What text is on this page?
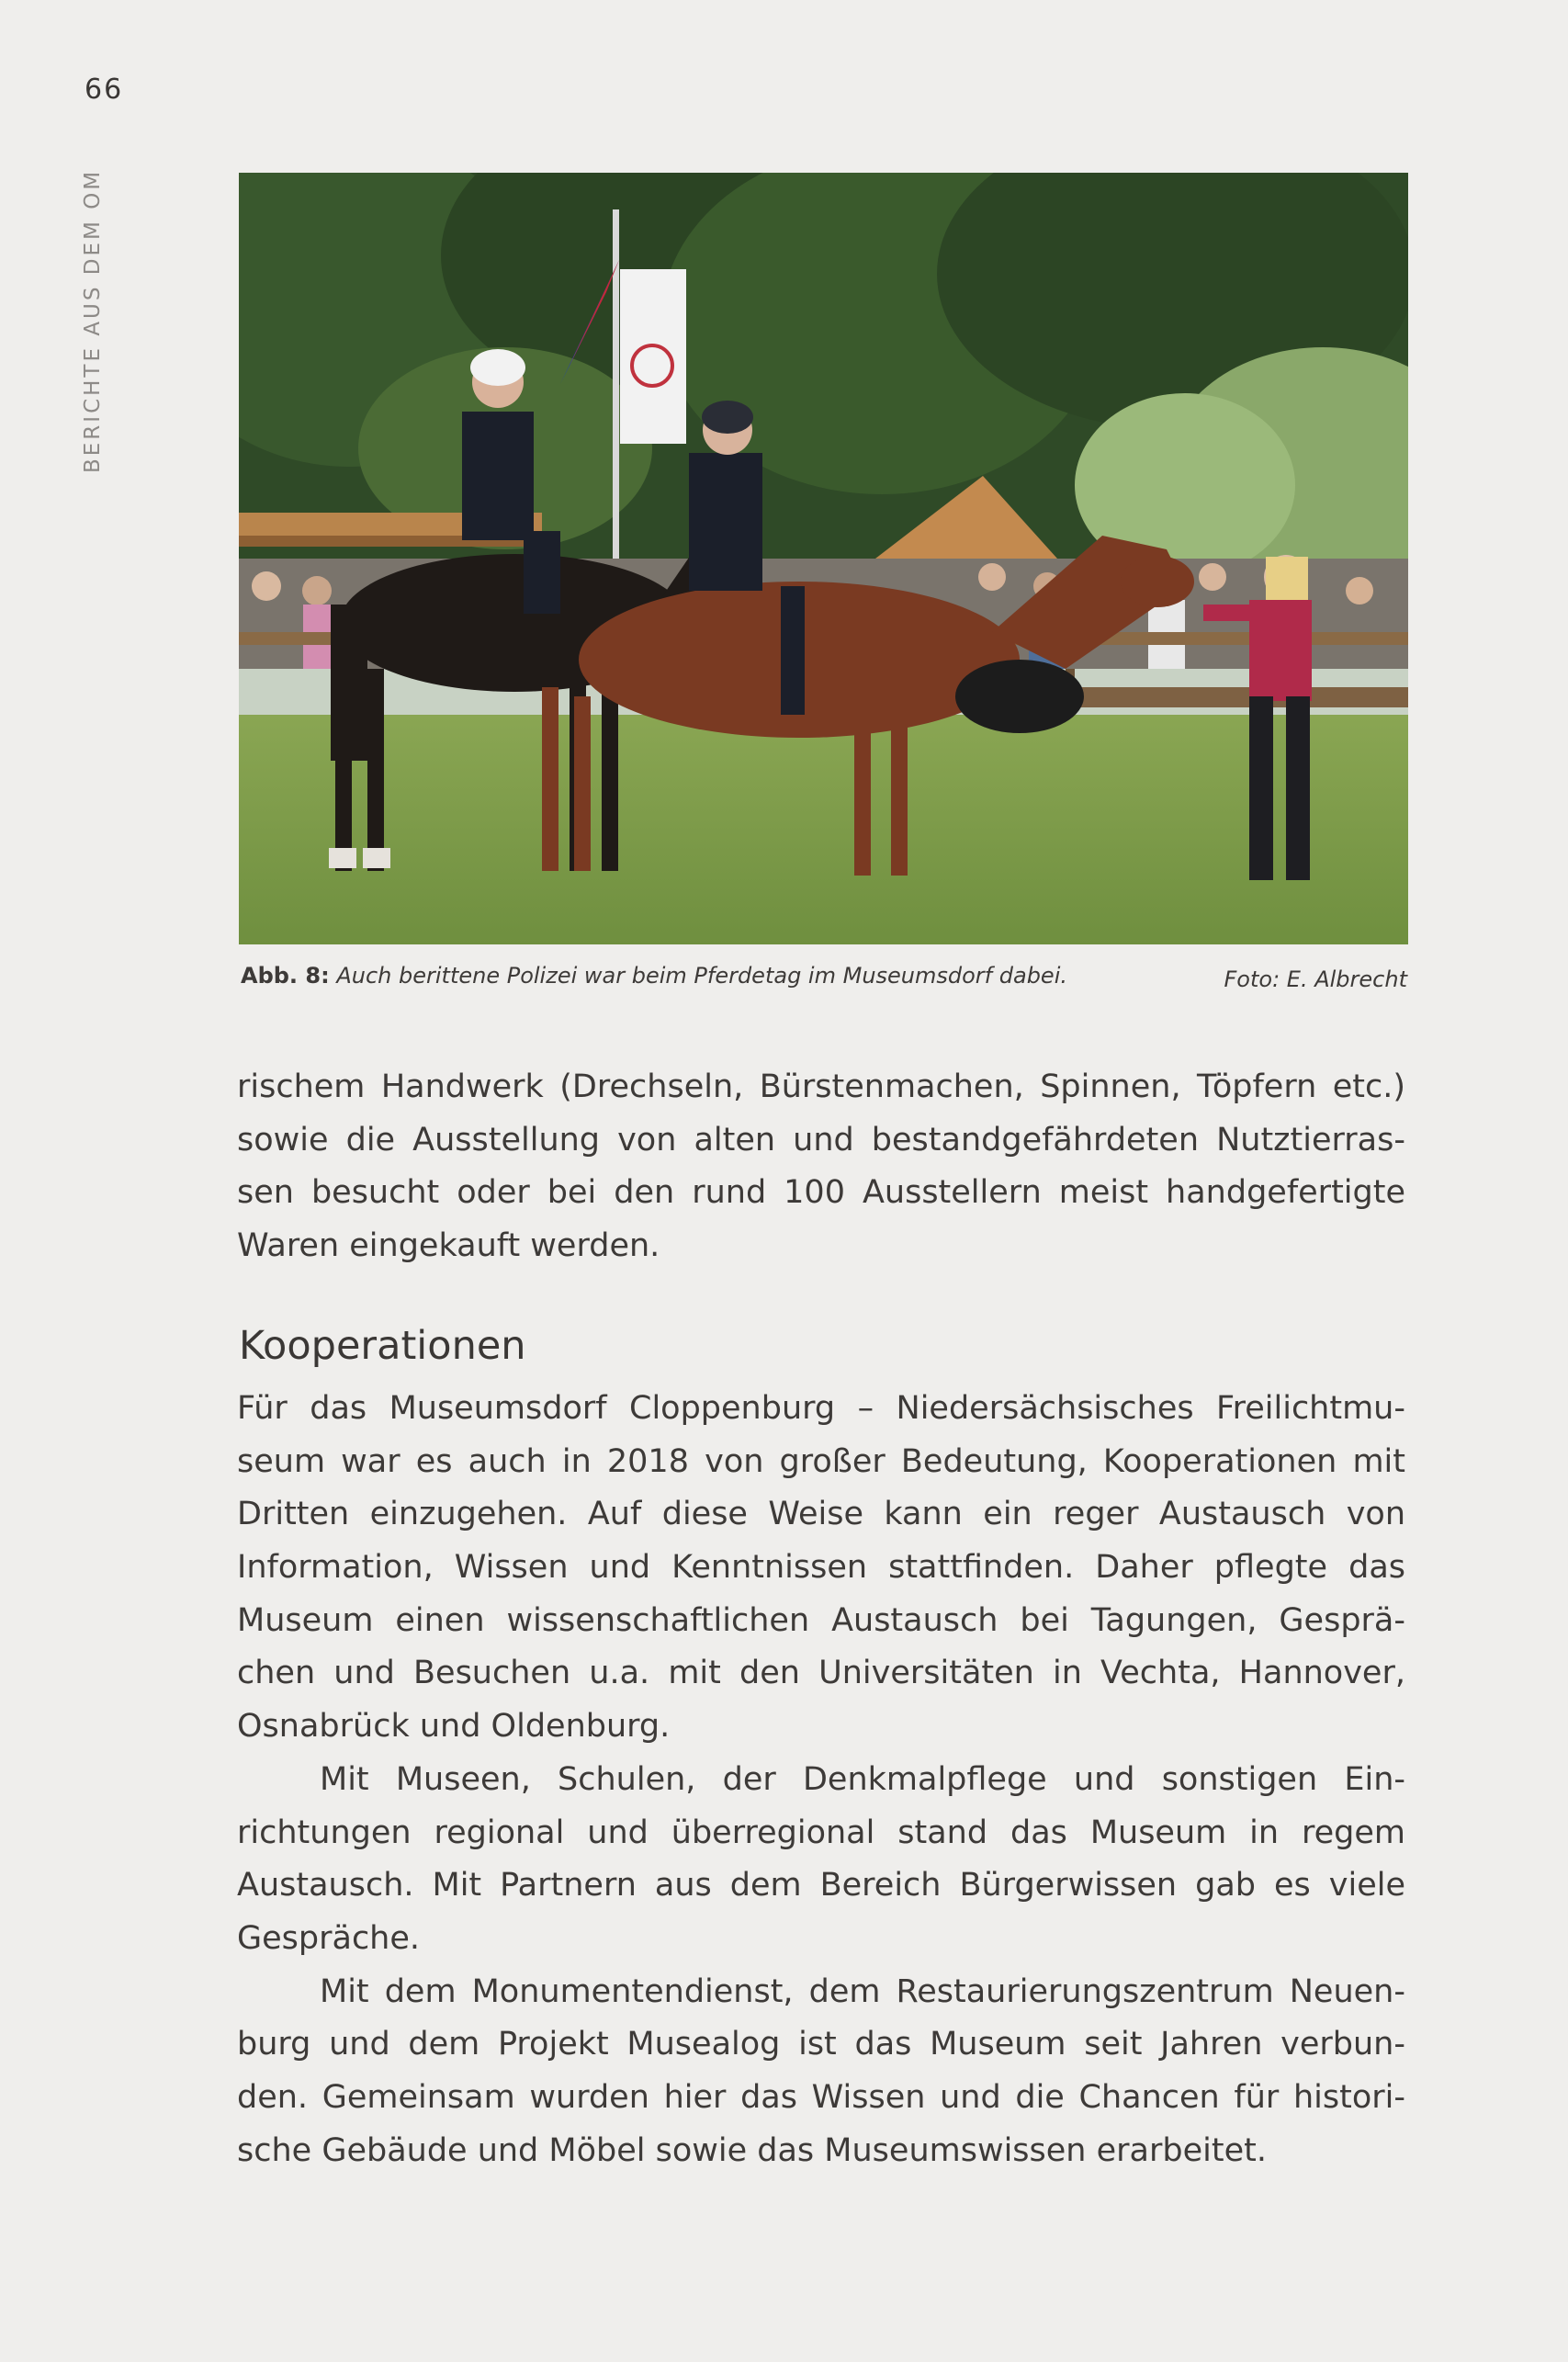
66
BERICHTE AUS DEM OM
Abb. 8: Auch berittene Polizei war beim Pferdetag im Museumsdorf dabei.	Foto: E. Albrecht
rischem Handwerk (Drechseln, Bürstenmachen, Spinnen, Töpfern etc.)
sowie die Ausstellung von alten und bestandgefährdeten Nutztierras-
sen besucht oder bei den rund 100 Ausstellern meist handgefertigte
Waren eingekauft werden.
Kooperationen
Für das Museumsdorf Cloppenburg – Niedersächsisches Freilichtmu-
seum war es auch in 2018 von großer Bedeutung, Kooperationen mit
Dritten einzugehen. Auf diese Weise kann ein reger Austausch von
Information, Wissen und Kenntnissen stattfinden. Daher pflegte das
Museum einen wissenschaftlichen Austausch bei Tagungen, Gesprä-
chen und Besuchen u.a. mit den Universitäten in Vechta, Hannover,
Osnabrück und Oldenburg.
Mit Museen, Schulen, der Denkmalpflege und sonstigen Ein-
richtungen regional und überregional stand das Museum in regem
Austausch. Mit Partnern aus dem Bereich Bürgerwissen gab es viele
Gespräche.
Mit dem Monumentendienst, dem Restaurierungszentrum Neuen-
burg und dem Projekt Musealog ist das Museum seit Jahren verbun-
den. Gemeinsam wurden hier das Wissen und die Chancen für histori-
sche Gebäude und Möbel sowie das Museumswissen erarbeitet.
